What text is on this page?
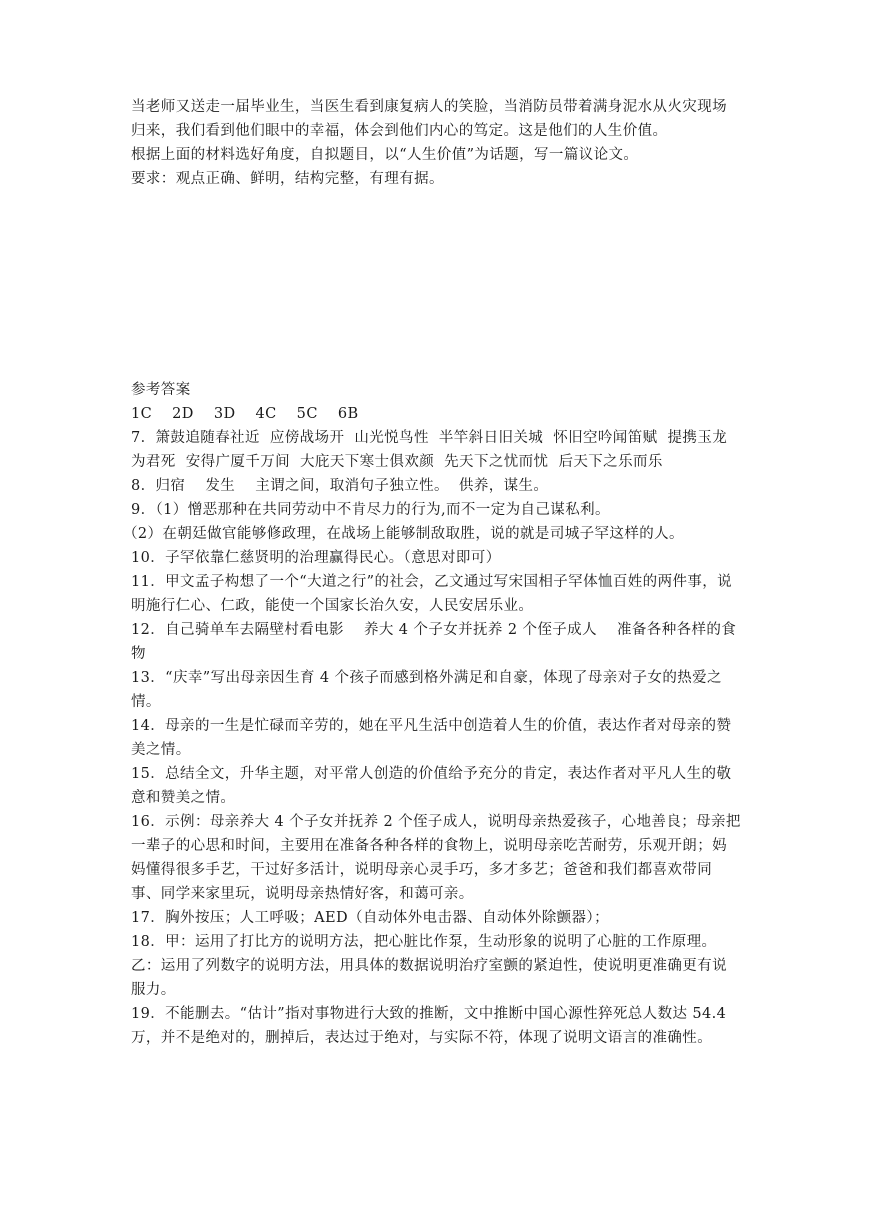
当老师又送走一届毕业生，当医生看到康复病人的笑脸，当消防员带着满身泥水从火灾现场归来，我们看到他们眼中的幸福，体会到他们内心的笃定。这是他们的人生价值。

根据上面的材料选好角度，自拟题目，以“人生价值”为话题，写一篇议论文。

要求：观点正确、鲜明，结构完整，有理有据。

参考答案

1C    2D    3D    4C    5C    6B

7．箫鼓追随春社近  应傍战场开  山光悦鸟性  半竿斜日旧关城  怀旧空吟闻笛赋  提携玉龙为君死  安得广厦千万间  大庇天下寒士俱欢颜  先天下之忧而忧  后天下之乐而乐

8．归宿    发生    主谓之间，取消句子独立性。  供养，谋生。

9．（1）憎恶那种在共同劳动中不肯尽力的行为,而不一定为自己谋私利。

（2）在朝廷做官能够修政理，在战场上能够制敌取胜，说的就是司城子罕这样的人。

10．子罕依靠仁慈贤明的治理赢得民心。（意思对即可）

11．甲文孟子构想了一个“大道之行”的社会，乙文通过写宋国相子罕体恤百姓的两件事，说明施行仁心、仁政，能使一个国家长治久安，人民安居乐业。

12．自己骑单车去隔壁村看电影    养大 4 个子女并抚养 2 个侄子成人    准备各种各样的食物

13．“庆幸”写出母亲因生育 4 个孩子而感到格外满足和自豪，体现了母亲对子女的热爱之情。

14．母亲的一生是忙碌而辛劳的，她在平凡生活中创造着人生的价值，表达作者对母亲的赞美之情。

15．总结全文，升华主题，对平常人创造的价值给予充分的肯定，表达作者对平凡人生的敬意和赞美之情。

16．示例：母亲养大 4 个子女并抚养 2 个侄子成人，说明母亲热爱孩子，心地善良；母亲把一辈子的心思和时间，主要用在准备各种各样的食物上，说明母亲吃苦耐劳，乐观开朗；妈妈懂得很多手艺，干过好多活计，说明母亲心灵手巧，多才多艺；爸爸和我们都喜欢带同事、同学来家里玩，说明母亲热情好客，和蔼可亲。

17．胸外按压；人工呼吸；AED（自动体外电击器、自动体外除颤器）；

18．甲：运用了打比方的说明方法，把心脏比作泵，生动形象的说明了心脏的工作原理。

乙：运用了列数字的说明方法，用具体的数据说明治疗室颤的紧迫性，使说明更准确更有说服力。

19．不能删去。“估计”指对事物进行大致的推断，文中推断中国心源性猝死总人数达 54.4 万，并不是绝对的，删掉后，表达过于绝对，与实际不符，体现了说明文语言的准确性。
